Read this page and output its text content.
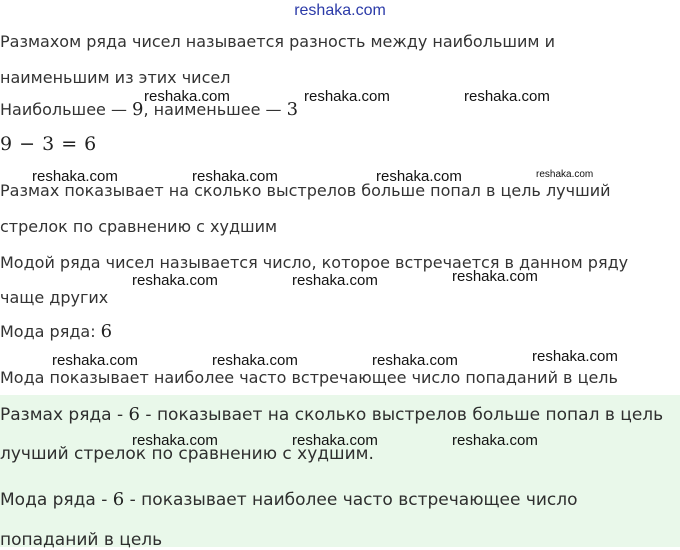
reshaka.com

Размахом ряда чисел называется разность между наибольшим и

наименьшим из этих чисел

Наибольшее — 9, наименьшее — 3

9 − 3 = 6

Размах показывает на сколько выстрелов больше попал в цель лучший

стрелок по сравнению с худшим

Модой ряда чисел называется число, которое встречается в данном ряду

чаще других

Мода ряда: 6

Мода показывает наиболее часто встречающее число попаданий в цель

Размах ряда - 6 - показывает на сколько выстрелов больше попал в цель

лучший стрелок по сравнению с худшим.

Мода ряда - 6 - показывает наиболее часто встречающее число

попаданий в цель

reshaka.com	reshaka.com	reshaka.com
reshaka.com	reshaka.com	reshaka.com	reshaka.com
reshaka.com	reshaka.com	reshaka.com
reshaka.com	reshaka.com	reshaka.com	reshaka.com
reshaka.com	reshaka.com	reshaka.com
